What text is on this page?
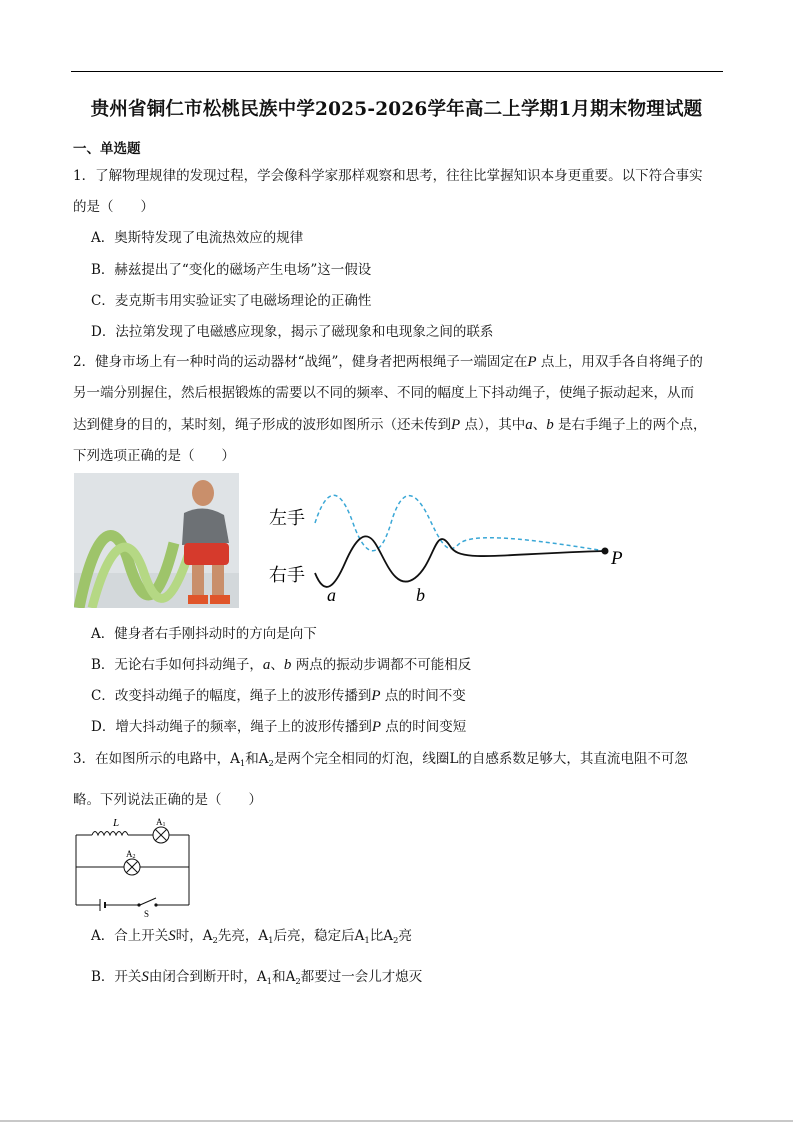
贵州省铜仁市松桃民族中学2025-2026学年高二上学期1月期末物理试题
一、单选题
1．了解物理规律的发现过程，学会像科学家那样观察和思考，往往比掌握知识本身更重要。以下符合事实
的是（　　）
A．奥斯特发现了电流热效应的规律
B．赫兹提出了“变化的磁场产生电场”这一假设
C．麦克斯韦用实验证实了电磁场理论的正确性
D．法拉第发现了电磁感应现象，揭示了磁现象和电现象之间的联系
2．健身市场上有一种时尚的运动器材“战绳”，健身者把两根绳子一端固定在P 点上，用双手各自将绳子的
另一端分别握住，然后根据锻炼的需要以不同的频率、不同的幅度上下抖动绳子，使绳子振动起来，从而
达到健身的目的，某时刻，绳子形成的波形如图所示（还未传到P 点），其中a、b 是右手绳子上的两个点，
下列选项正确的是（　　）
左手
右手
P
a	b
A．健身者右手刚抖动时的方向是向下
B．无论右手如何抖动绳子，a、b 两点的振动步调都不可能相反
C．改变抖动绳子的幅度，绳子上的波形传播到P 点的时间不变
D．增大抖动绳子的频率，绳子上的波形传播到P 点的时间变短
3．在如图所示的电路中，$A_1$和$A_2$是两个完全相同的灯泡，线圈L的自感系数足够大，其直流电阻不可忽
略。下列说法正确的是（　　）
L	A1
A2
S
A．合上开关S时，$A_2$先亮，$A_1$后亮，稳定后$A_1$比$A_2$亮
B．开关S由闭合到断开时，$A_1$和$A_2$都要过一会儿才熄灭
